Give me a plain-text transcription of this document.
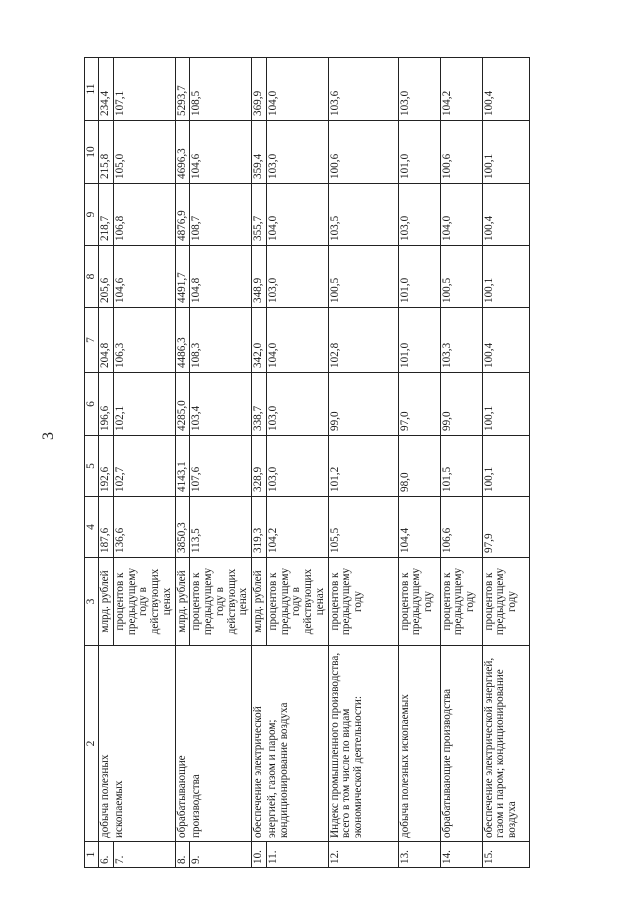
3
1	2	3	4	5	6	7	8	9	10	11
6.	добыча полезных	млрд. рублей	187,6	192,6	196,6	204,8	205,6	218,7	215,8	234,4
7.	ископаемых	процентов к предыдущему году в действующих ценах	136,6	102,7	102,1	106,3	104,6	106,8	105,0	107,1
8.	обрабатывающие	млрд. рублей	3850,3	4143,1	4285,0	4486,3	4491,7	4876,9	4696,3	5293,7
9.	производства	процентов к предыдущему году в действующих ценах	113,5	107,6	103,4	108,3	104,8	108,7	104,6	108,5
10.	обеспечение электрической	млрд. рублей	319,3	328,9	338,7	342,0	348,9	355,7	359,4	369,9
11.	энергией, газом и паром; кондиционирование воздуха	процентов к предыдущему году в действующих ценах	104,2	103,0	103,0	104,0	103,0	104,0	103,0	104,0
12.	Индекс промышленного производства, всего в том числе по видам экономической деятельности:	процентов к предыдущему году	105,5	101,2	99,0	102,8	100,5	103,5	100,6	103,6
13.	добыча полезных ископаемых	процентов к предыдущему году	104,4	98,0	97,0	101,0	101,0	103,0	101,0	103,0
14.	обрабатывающие производства	процентов к предыдущему году	106,6	101,5	99,0	103,3	100,5	104,0	100,6	104,2
15.	обеспечение электрической энергией, газом и паром; кондиционирование воздуха	процентов к предыдущему году	97,9	100,1	100,1	100,4	100,1	100,4	100,1	100,4
